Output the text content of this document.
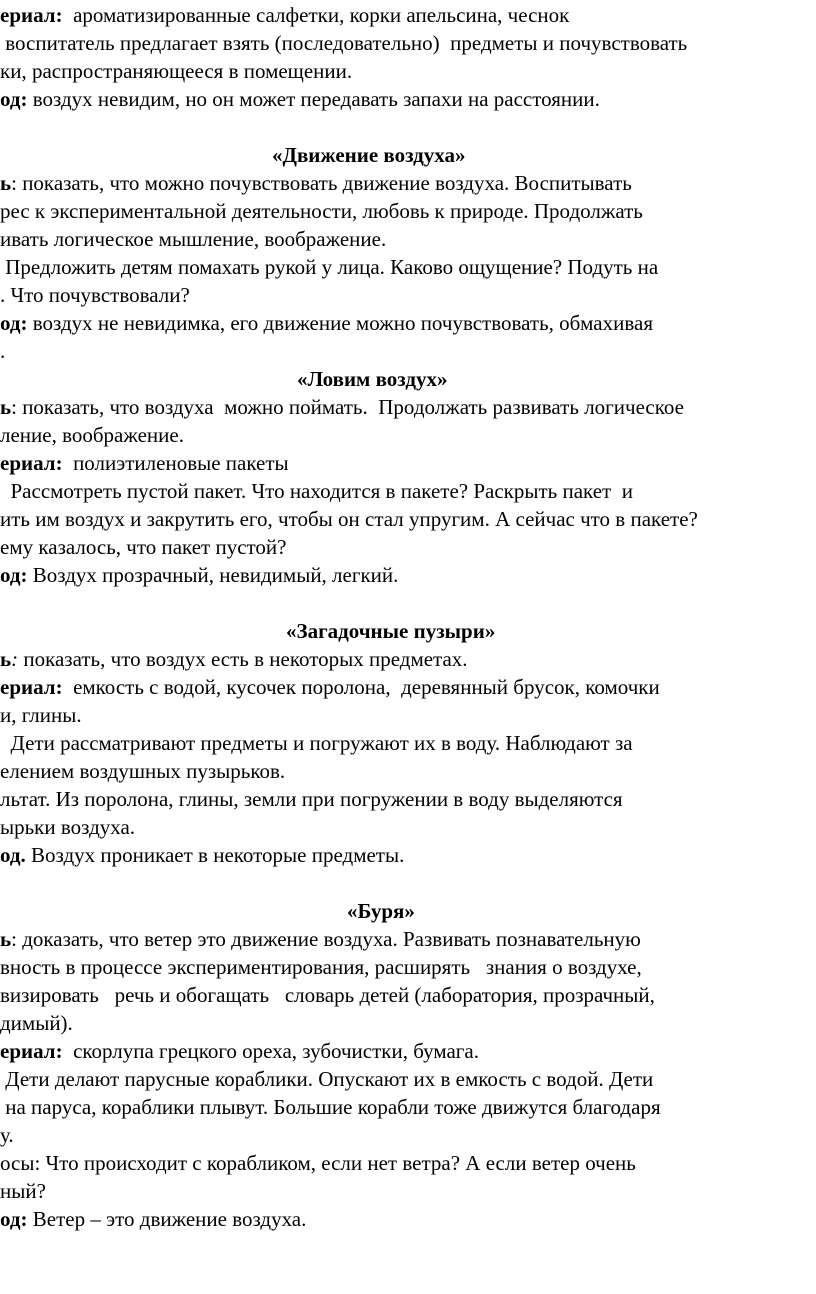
ериал:  ароматизированные салфетки, корки апельсина, чеснок

воспитатель предлагает взять (последовательно)  предметы и почувствовать

ки, распространяющееся в помещении.

од: воздух невидим, но он может передавать запахи на расстоянии.

ь: показать, что можно почувствовать движение воздуха. Воспитывать

рес к экспериментальной деятельности, любовь к природе. Продолжать

ивать логическое мышление, воображение.

Предложить детям помахать рукой у лица. Каково ощущение? Подуть на

. Что почувствовали?

од: воздух не невидимка, его движение можно почувствовать, обмахивая

.

ь: показать, что воздуха  можно поймать.  Продолжать развивать логическое

ление, воображение.

ериал:  полиэтиленовые пакеты

Рассмотреть пустой пакет. Что находится в пакете? Раскрыть пакет  и

ить им воздух и закрутить его, чтобы он стал упругим. А сейчас что в пакете?

ему казалось, что пакет пустой?

од: Воздух прозрачный, невидимый, легкий.

ь: показать, что воздух есть в некоторых предметах.

ериал:  емкость с водой, кусочек поролона,  деревянный брусок, комочки

и, глины.

Дети рассматривают предметы и погружают их в воду. Наблюдают за

елением воздушных пузырьков.

льтат. Из поролона, глины, земли при погружении в воду выделяются

ырьки воздуха.

од. Воздух проникает в некоторые предметы.

ь: доказать, что ветер это движение воздуха. Развивать познавательную

вность в процессе экспериментирования, расширять   знания о воздухе,

визировать   речь и обогащать   словарь детей (лаборатория, прозрачный,

димый).

ериал:  скорлупа грецкого ореха, зубочистки, бумага.

Дети делают парусные кораблики. Опускают их в емкость с водой. Дети

на паруса, кораблики плывут. Большие корабли тоже движутся благодаря

у.

осы: Что происходит с корабликом, если нет ветра? А если ветер очень

ный?

од: Ветер – это движение воздуха.

«Движение воздуха»

«Ловим воздух»

«Загадочные пузыри»

«Буря»
